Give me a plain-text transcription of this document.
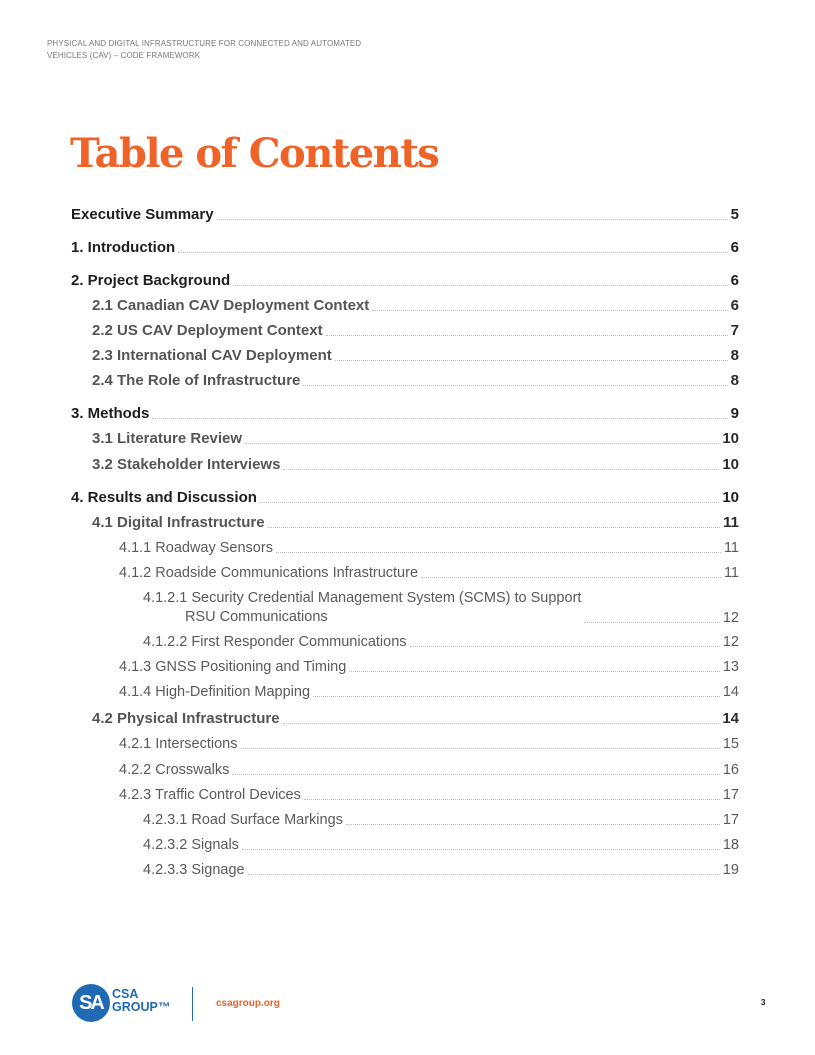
PHYSICAL AND DIGITAL INFRASTRUCTURE FOR CONNECTED AND AUTOMATED
VEHICLES (CAV) – CODE FRAMEWORK
Table of Contents
Executive Summary	5
1. Introduction	6
2. Project Background	6
2.1 Canadian CAV Deployment Context	6
2.2 US CAV Deployment Context	7
2.3 International CAV Deployment	8
2.4 The Role of Infrastructure	8
3. Methods	9
3.1 Literature Review	10
3.2 Stakeholder Interviews	10
4. Results and Discussion	10
4.1 Digital Infrastructure	11
4.1.1 Roadway Sensors	11
4.1.2 Roadside Communications Infrastructure	11
4.1.2.1 Security Credential Management System (SCMS) to Support
RSU Communications	12
4.1.2.2 First Responder Communications	12
4.1.3 GNSS Positioning and Timing	13
4.1.4 High-Definition Mapping	14
4.2 Physical Infrastructure	14
4.2.1 Intersections	15
4.2.2 Crosswalks	16
4.2.3 Traffic Control Devices	17
4.2.3.1 Road Surface Markings	17
4.2.3.2 Signals	18
4.2.3.3 Signage	19
SA CSA
GROUP™	csagroup.org	3
